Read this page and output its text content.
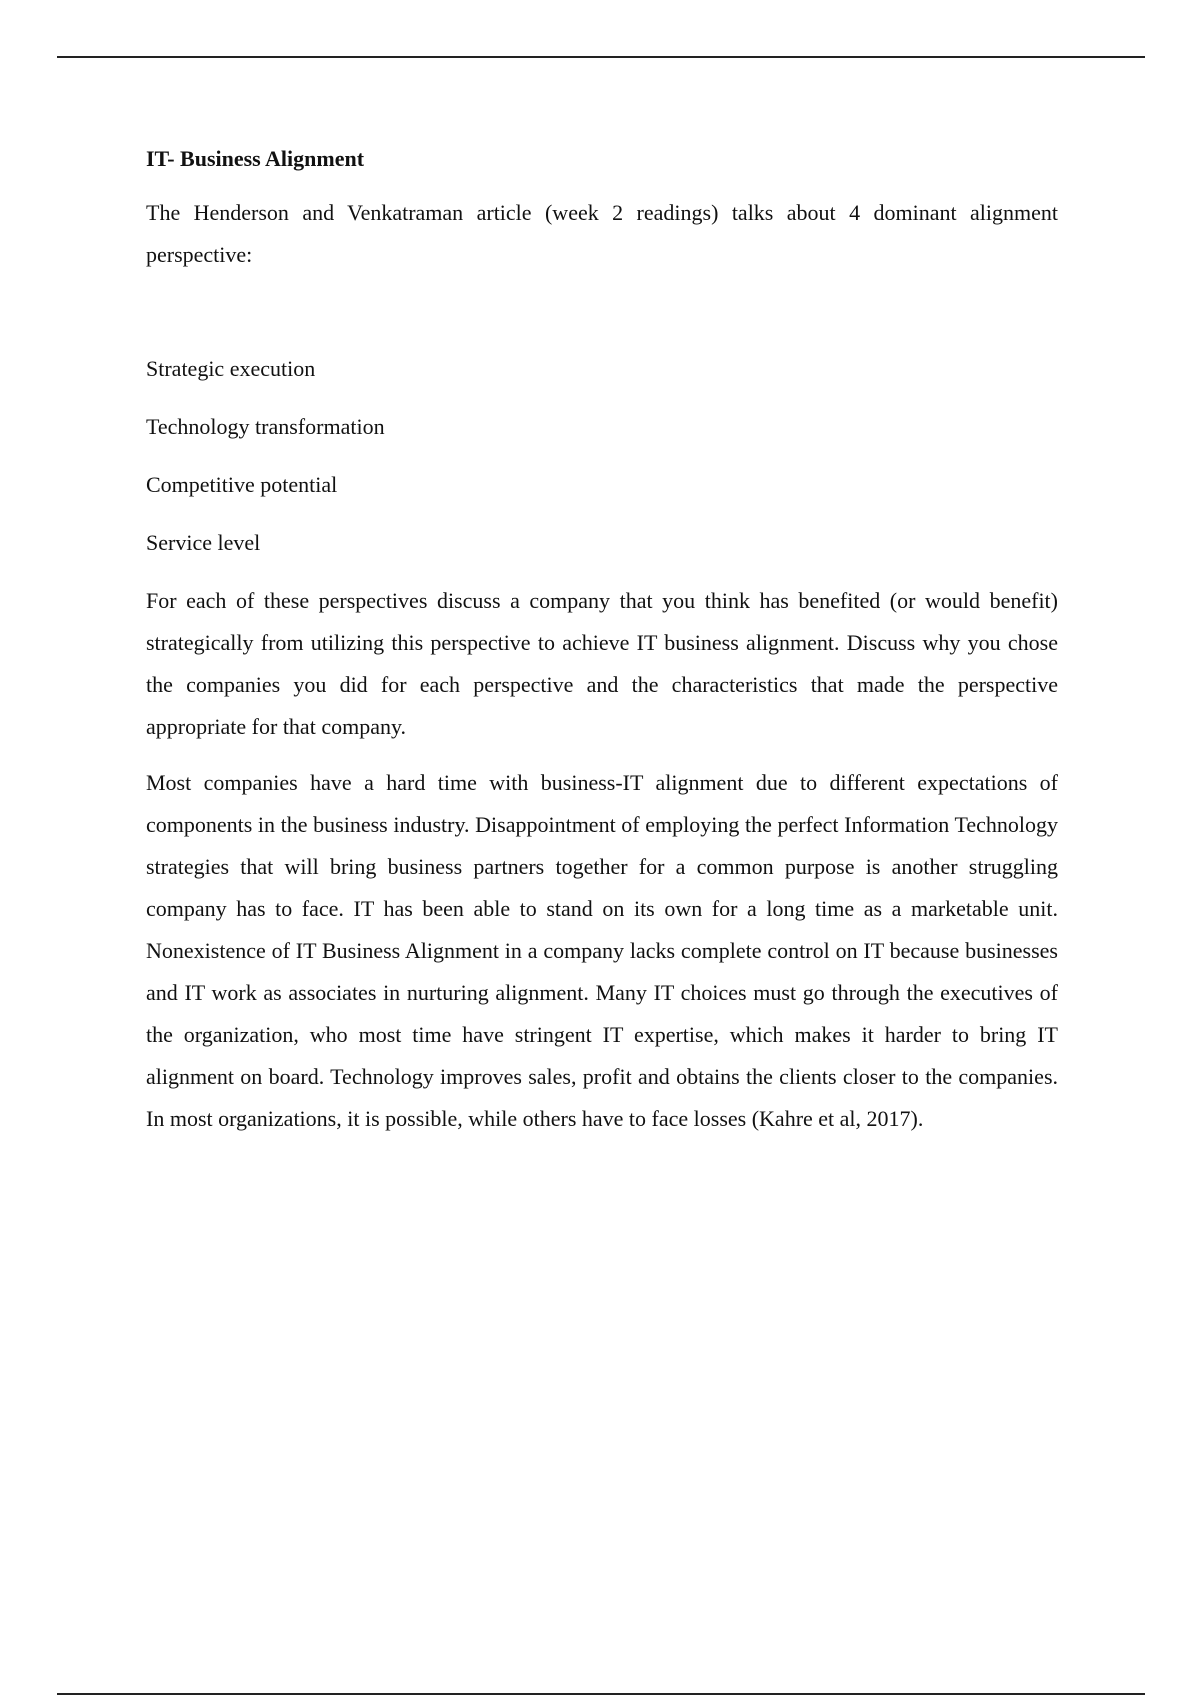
IT- Business Alignment

The Henderson and Venkatraman article (week 2 readings) talks about 4 dominant alignment perspective:

Strategic execution
Technology transformation
Competitive potential
Service level

For each of these perspectives discuss a company that you think has benefited (or would benefit) strategically from utilizing this perspective to achieve IT business alignment. Discuss why you chose the companies you did for each perspective and the characteristics that made the perspective appropriate for that company.

Most companies have a hard time with business-IT alignment due to different expectations of components in the business industry. Disappointment of employing the perfect Information Technology strategies that will bring business partners together for a common purpose is another struggling company has to face. IT has been able to stand on its own for a long time as a marketable unit. Nonexistence of IT Business Alignment in a company lacks complete control on IT because businesses and IT work as associates in nurturing alignment. Many IT choices must go through the executives of the organization, who most time have stringent IT expertise, which makes it harder to bring IT alignment on board. Technology improves sales, profit and obtains the clients closer to the companies. In most organizations, it is possible, while others have to face losses (Kahre et al, 2017).
